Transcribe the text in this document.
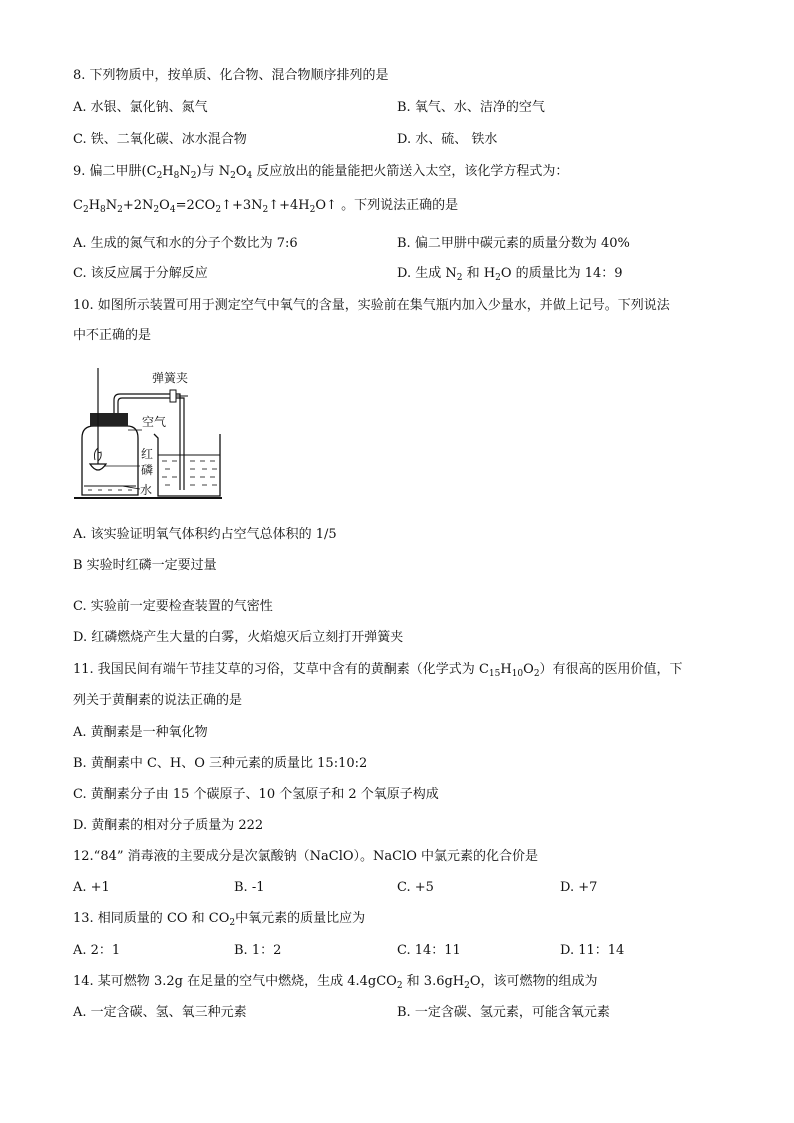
8. 下列物质中，按单质、化合物、混合物顺序排列的是
A. 水银、氯化钠、氮气	B. 氧气、水、洁净的空气
C. 铁、二氧化碳、冰水混合物	D. 水、硫、 铁水
9. 偏二甲肼$(C_2H_8N_2)$与 $N_2O_4$ 反应放出的能量能把火箭送入太空，该化学方程式为：
$C_2H_8N_2+2N_2O_4=2CO_2↑+3N_2↑+4H_2O↑$ 。下列说法正确的是
A. 生成的氮气和水的分子个数比为 7:6	B. 偏二甲肼中碳元素的质量分数为 40%
C. 该反应属于分解反应	D. 生成 $N_2$ 和 $H_2O$ 的质量比为 14：9
10. 如图所示装置可用于测定空气中氧气的含量，实验前在集气瓶内加入少量水，并做上记号。下列说法
中不正确的是
弹簧夹
空气
红
磷
水
A. 该实验证明氧气体积约占空气总体积的 1/5
B 实验时红磷一定要过量
C. 实验前一定要检查装置的气密性
D. 红磷燃烧产生大量的白雾，火焰熄灭后立刻打开弹簧夹
11. 我国民间有端午节挂艾草的习俗，艾草中含有的黄酮素（化学式为 $C_{15}H_{10}O_2$）有很高的医用价值，下
列关于黄酮素的说法正确的是
A. 黄酮素是一种氧化物
B. 黄酮素中 C、H、O 三种元素的质量比 15:10:2
C. 黄酮素分子由 15 个碳原子、10 个氢原子和 2 个氧原子构成
D. 黄酮素的相对分子质量为 222
12.“84” 消毒液的主要成分是次氯酸钠（NaClO）。NaClO 中氯元素的化合价是
A. +1	B. -1	C. +5	D. +7
13. 相同质量的 CO 和 $CO_2$中氧元素的质量比应为
A. 2：1	B. 1：2	C. 14：11	D. 11：14
14. 某可燃物 3.2g 在足量的空气中燃烧，生成 4.4gCO$_2$ 和 $3.6gH_2O$，该可燃物的组成为
A. 一定含碳、氢、氧三种元素	B. 一定含碳、氢元素，可能含氧元素
